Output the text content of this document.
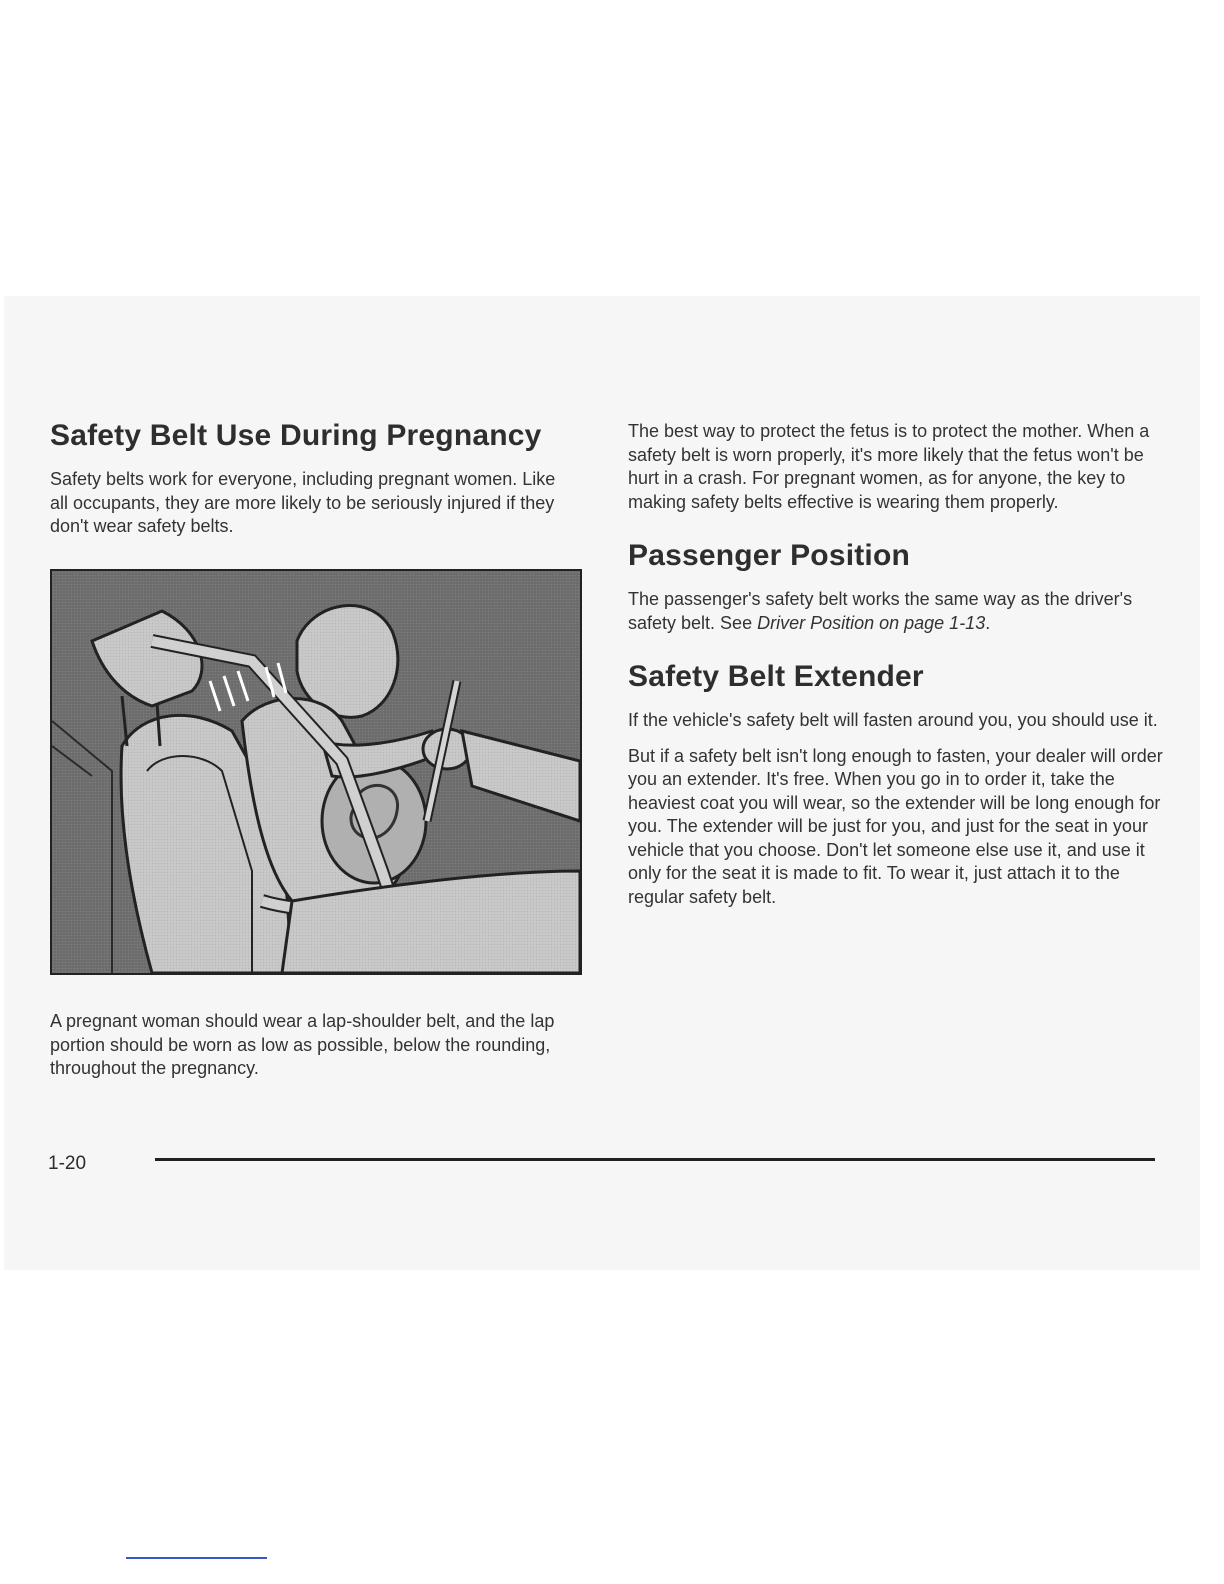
Safety Belt Use During Pregnancy

Safety belts work for everyone, including pregnant women. Like all occupants, they are more likely to be seriously injured if they don't wear safety belts.

A pregnant woman should wear a lap-shoulder belt, and the lap portion should be worn as low as possible, below the rounding, throughout the pregnancy.

The best way to protect the fetus is to protect the mother. When a safety belt is worn properly, it's more likely that the fetus won't be hurt in a crash. For pregnant women, as for anyone, the key to making safety belts effective is wearing them properly.

Passenger Position

The passenger's safety belt works the same way as the driver's safety belt. See Driver Position on page 1-13.

Safety Belt Extender

If the vehicle's safety belt will fasten around you, you should use it.

But if a safety belt isn't long enough to fasten, your dealer will order you an extender. It's free. When you go in to order it, take the heaviest coat you will wear, so the extender will be long enough for you. The extender will be just for you, and just for the seat in your vehicle that you choose. Don't let someone else use it, and use it only for the seat it is made to fit. To wear it, just attach it to the regular safety belt.

1-20
